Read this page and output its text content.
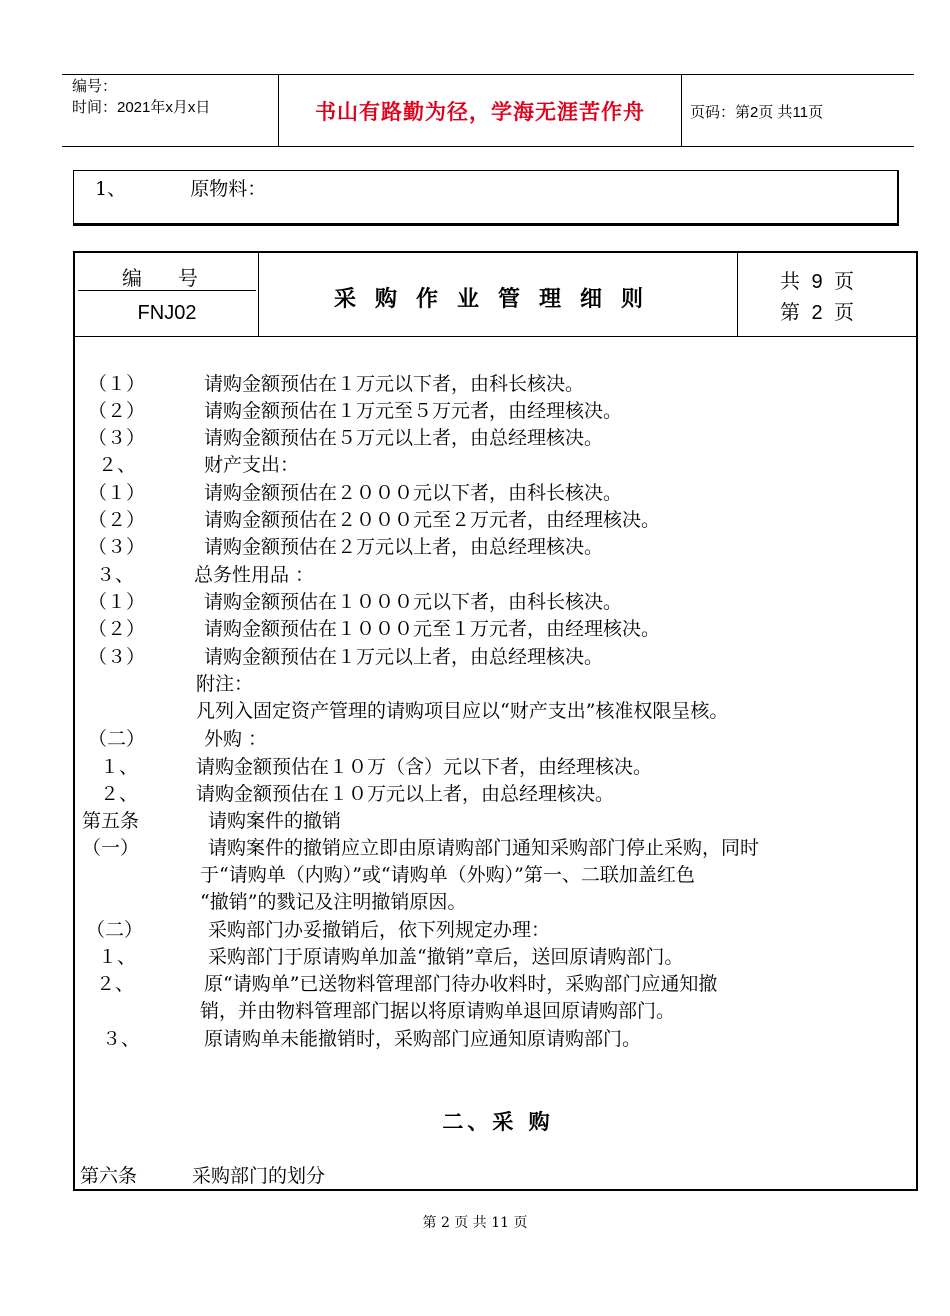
编号：
时间：2021年x月x日	书山有路勤为径，学海无涯苦作舟	页码：第2页 共11页
1、	原物料：
编号
FNJ02
采购作业管理细则
共 9 页
第 2 页
（１）	请购金额预估在１万元以下者，由科长核决。
（２）	请购金额预估在１万元至５万元者，由经理核决。
（３）	请购金额预估在５万元以上者，由总经理核决。
２、	财产支出：
（１）	请购金额预估在２０００元以下者，由科长核决。
（２）	请购金额预估在２０００元至２万元者，由经理核决。
（３）	请购金额预估在２万元以上者，由总经理核决。
３、	总务性用品 ：
（１）	请购金额预估在１０００元以下者，由科长核决。
（２）	请购金额预估在１０００元至１万元者，由经理核决。
（３）	请购金额预估在１万元以上者，由总经理核决。
附注：
凡列入固定资产管理的请购项目应以“财产支出”核准权限呈核。
（二）	外购 ：
１、	请购金额预估在１０万（含）元以下者，由经理核决。
２、	请购金额预估在１０万元以上者，由总经理核决。
第五条	请购案件的撤销
（一）	请购案件的撤销应立即由原请购部门通知采购部门停止采购，同时
于“请购单（内购）”或“请购单（外购）”第一、二联加盖红色
“撤销”的戮记及注明撤销原因。
（二）	采购部门办妥撤销后，依下列规定办理：
１、	采购部门于原请购单加盖“撤销”章后，送回原请购部门。
２、	原“请购单”已送物料管理部门待办收料时，采购部门应通知撤
销，并由物料管理部门据以将原请购单退回原请购部门。
３、	原请购单未能撤销时，采购部门应通知原请购部门。
二、采 购
第六条	采购部门的划分
第 2 页 共 11 页
